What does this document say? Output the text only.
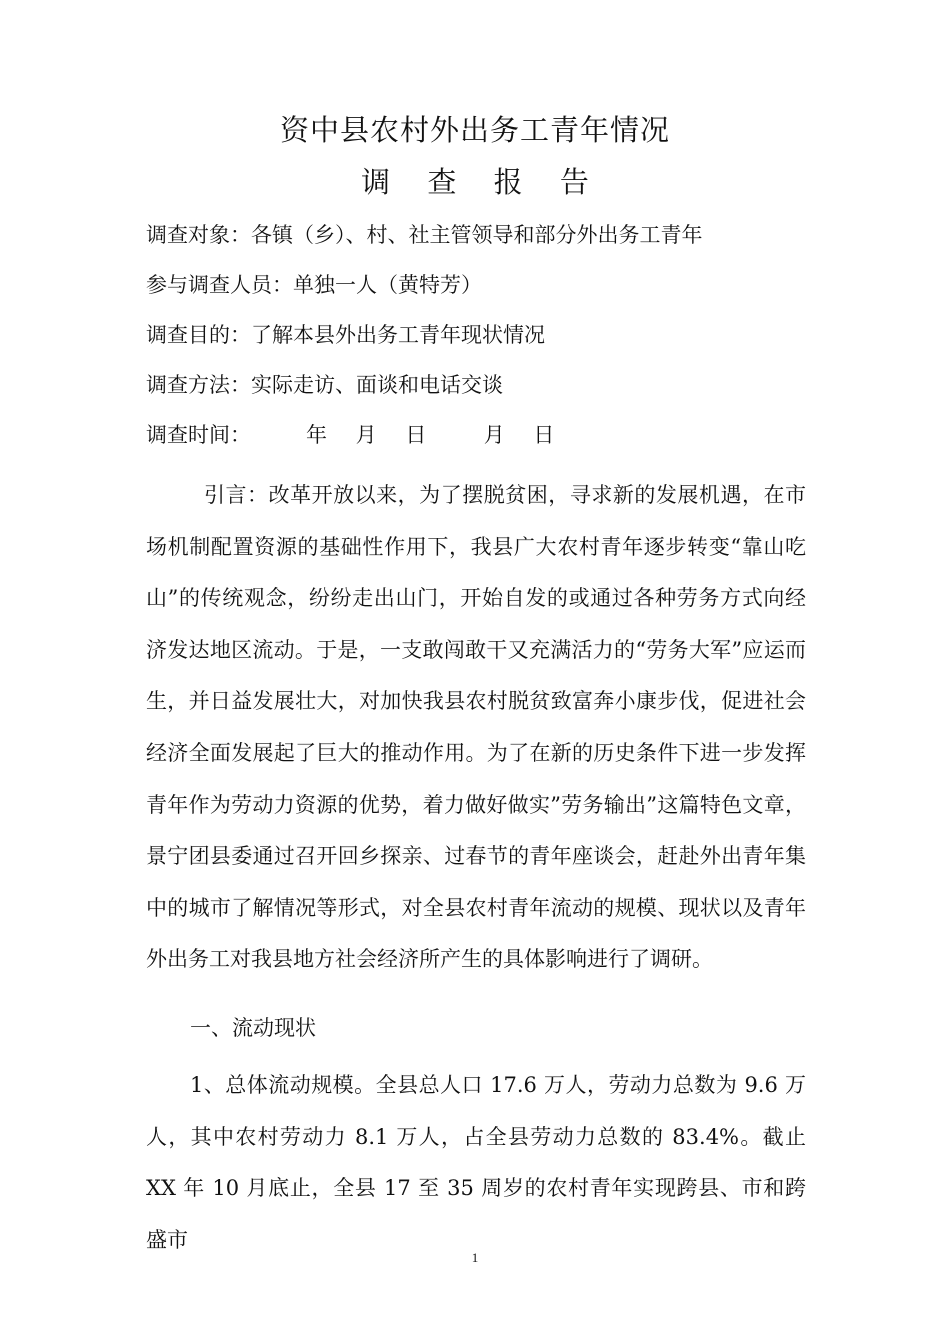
资中县农村外出务工青年情况
调 查 报 告
调查对象：各镇（乡）、村、社主管领导和部分外出务工青年
参与调查人员：单独一人（黄特芳）
调查目的：了解本县外出务工青年现状情况
调查方法：实际走访、面谈和电话交谈
调查时间：	年 月 日  月 日

引言：改革开放以来，为了摆脱贫困，寻求新的发展机遇，在市场机制配置资源的基础性作用下，我县广大农村青年逐步转变“靠山吃山”的传统观念，纷纷走出山门，开始自发的或通过各种劳务方式向经济发达地区流动。于是，一支敢闯敢干又充满活力的“劳务大军”应运而生，并日益发展壮大，对加快我县农村脱贫致富奔小康步伐，促进社会经济全面发展起了巨大的推动作用。为了在新的历史条件下进一步发挥青年作为劳动力资源的优势，着力做好做实”劳务输出”这篇特色文章，景宁团县委通过召开回乡探亲、过春节的青年座谈会，赶赴外出青年集中的城市了解情况等形式，对全县农村青年流动的规模、现状以及青年外出务工对我县地方社会经济所产生的具体影响进行了调研。

一、流动现状

1、总体流动规模。全县总人口 17.6 万人，劳动力总数为 9.6 万人，其中农村劳动力 8.1 万人，占全县劳动力总数的 83.4%。截止 XX 年 10 月底止，全县 17 至 35 周岁的农村青年实现跨县、市和跨盛市

1
